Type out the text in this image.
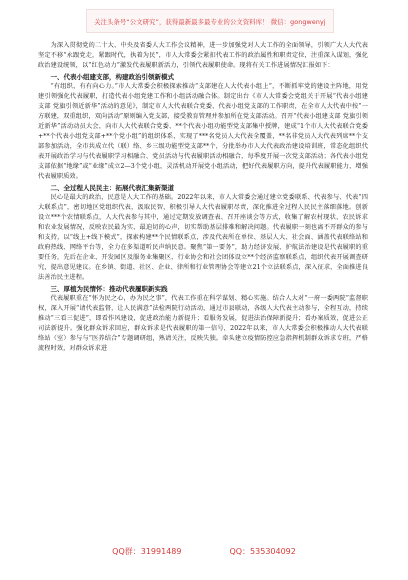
关注头条号“公文研究”，获得最新最多最专业的公文资料库！ 微信：gongwenyj

为深入贯彻党的二十大、中央及省委人大工作会议精神，进一步加强党对人大工作的全面领导，引领广大人大代表坚定不移“永跟党走，紧跟时代，执着为民”，市人大常委会紧扣代表工作的政治属性和职责定位，注重深入谋划，强化政治建设统领，以“红色动力”激发代表履职新活力，引领代表履职使命。现将有关工作进展情况汇报如下：

一、代表小组建支部，构建政治引领新模式

“有组织，有有向心力。”市人大常委会积极探索推动“支部建在人大代表小组上”，不断抓牢党的建设主阵地，用党建引领强化代表履职，打造代表小组党建工作和小组活动融合体。制定出台《市人大常委会党组关于开展“代表小组建支部 党旗引领近新华”活动的意见》，制定市人大代表联合党委、代表小组党支部的工作职责，在全市人大代表中按“一方联建，双重组织，双向活动”原则编入党支部，接受教育管理并参加所在党支部活动。召开“代表小组建支部 党旗引领近新华”活动动员大会，向市人大代表联合党委、**个代表小组功能型党支部集中授牌，建成“1个市人大代表联合党委+**个代表小组党支部+**个党小组”的组织体系，实现了***名党员人大代表全覆盖，**名非党员人大代表列席**个支部参加活动，全市共成立代（联）络、乡三级功能型党支部**个，分批举办市人大代表政治建设培训班，常态化组织代表开展政治学习与代表履职学习相融合、党员活动与代表履职活动相融合，每季度开展一次党支部活动；各代表小组党支部依据“地缘”或“业缘”成立2—3个党小组，灵活机动开展党小组活动，把好代表履职方向，提升代表履职能力，增强代表履职质效。

二、全过程人民民主：拓展代表汇集新渠道

民心是最大的政治，民意是人大工作的基础。2022年以来，市人大常委会通过建立党委联系、代表参与、代表“四大联系点”，密切地区党组织代表，汲取民智，积极引导人大代表履职尽责，深化推进全过程人民民主落细落地。创新设立***个农情联系点，人大代表参与其中，通过定期发放调查表、召开座谈会等方式，收集了解农村现状、农民诉求和农业发展情况，反映农民最为实、最迫切的心声，切实帮助基层排难和解决问题。代表履职一刻也离不开群众的参与和支持，以“线上+线下模式”，探索构建**个民情联系点，涉及代表所在单位、基层人大、社会面、涵盖代表联络站和政府热线、网络平台等，全力在多渠道听民声纳民意。聚焦“第一要务”，助力经济发展、护航法治建设是代表履职的重要任务，先后在企业、开发园区及服务业集聚区、行业协会和社会团体设立**个经济监察联系点，组织代表开展调查研究，提出意见建议。在乡镇、街道、社区、企业、律所和行业管理协会等建立21个立法联系点，深入征求，全面推进良法善治民主进程。

三、厚植为民情怀：推动代表履职新实践

代表履职重在“怀为民之心，办为民之事”，代表工作重在科学谋划、精心实施。结合人大对“一府一委两院”监督职权，深入开展“请代表监督，让人民满意”法检两院行动活动，通过市县联动，各级人大代表主动参与，全程互动，持续推动“三看三促进”，即看作风建设，促进政治能力新提升；看服务发展，促进法治保障新提升；看办案质效，促进公正司法新提升。强化群众诉求回应，群众诉求是代表履职的第一信号，2022年以来，市人大常委会积极推动人大代表联络站（室）参与与“医养结合”专题调研组，熟请关注，反映失独。牵头建立疫情防控应急指挥机制群众诉求专班，严格流程时效，对群众诉求进

QQ群：31991489	QQ：535304092
